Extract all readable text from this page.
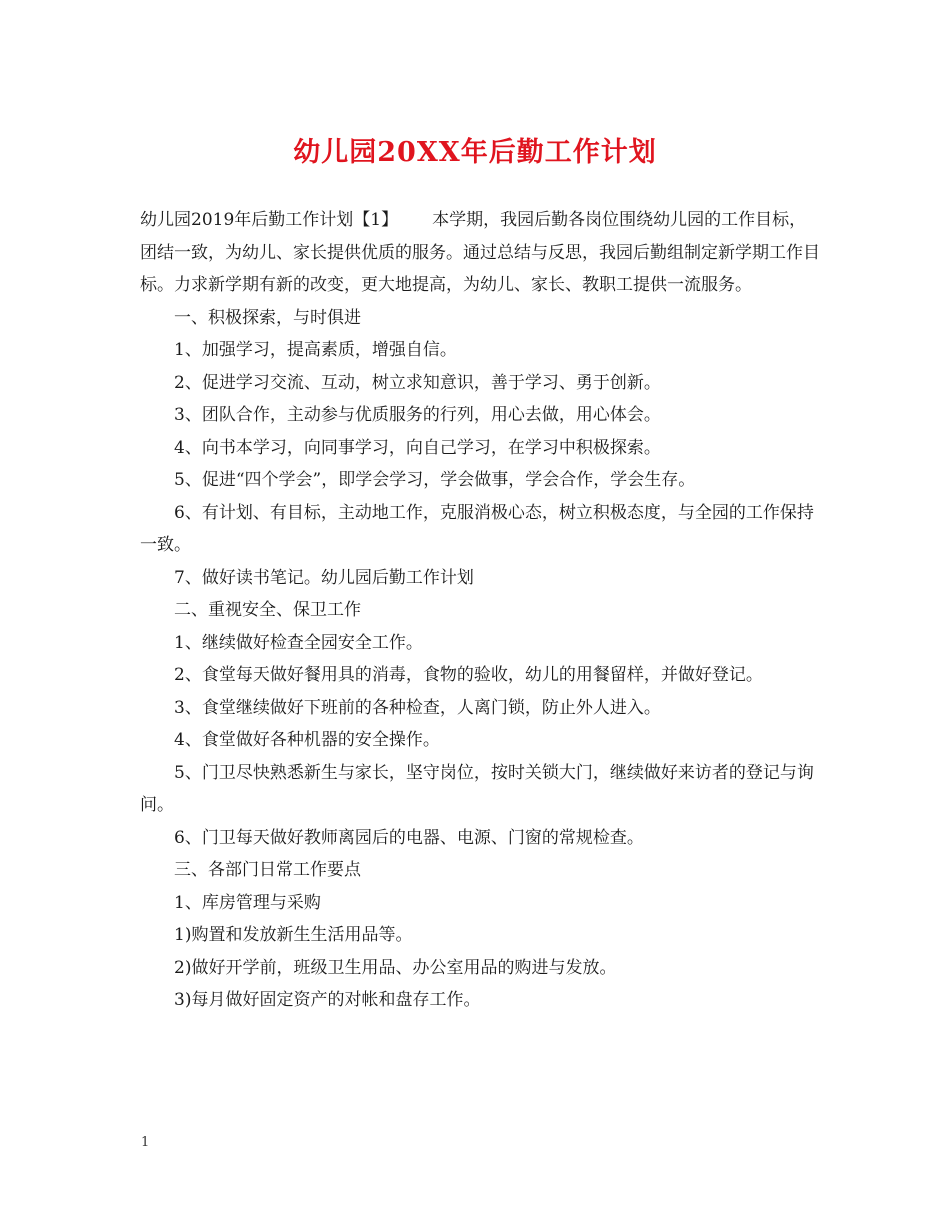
幼儿园20XX年后勤工作计划

幼儿园2019年后勤工作计划【1】 本学期，我园后勤各岗位围绕幼儿园的工作目标，团结一致，为幼儿、家长提供优质的服务。通过总结与反思，我园后勤组制定新学期工作目标。力求新学期有新的改变，更大地提高，为幼儿、家长、教职工提供一流服务。

一、积极探索，与时俱进

1、加强学习，提高素质，增强自信。

2、促进学习交流、互动，树立求知意识，善于学习、勇于创新。

3、团队合作，主动参与优质服务的行列，用心去做，用心体会。

4、向书本学习，向同事学习，向自己学习，在学习中积极探索。

5、促进“四个学会”，即学会学习，学会做事，学会合作，学会生存。

6、有计划、有目标，主动地工作，克服消极心态，树立积极态度，与全园的工作保持一致。

7、做好读书笔记。幼儿园后勤工作计划

二、重视安全、保卫工作

1、继续做好检查全园安全工作。

2、食堂每天做好餐用具的消毒，食物的验收，幼儿的用餐留样，并做好登记。

3、食堂继续做好下班前的各种检查，人离门锁，防止外人进入。

4、食堂做好各种机器的安全操作。

5、门卫尽快熟悉新生与家长，坚守岗位，按时关锁大门，继续做好来访者的登记与询问。

6、门卫每天做好教师离园后的电器、电源、门窗的常规检查。

三、各部门日常工作要点

1、库房管理与采购

1)购置和发放新生生活用品等。

2)做好开学前，班级卫生用品、办公室用品的购进与发放。

3)每月做好固定资产的对帐和盘存工作。

1
